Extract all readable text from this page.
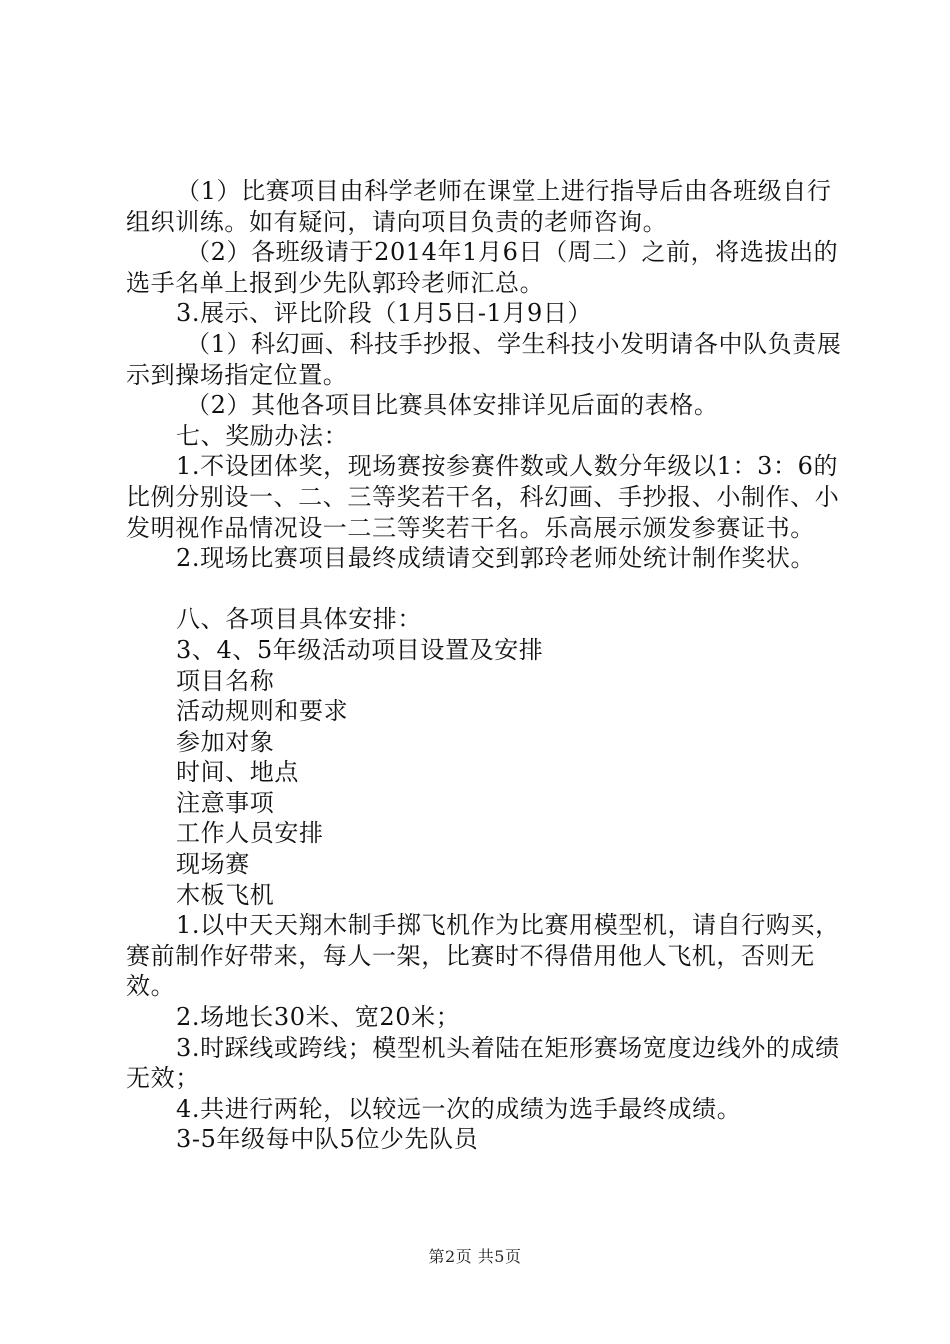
（1）比赛项目由科学老师在课堂上进行指导后由各班级自行组织训练。如有疑问，请向项目负责的老师咨询。

（2）各班级请于2014年1月6日（周二）之前，将选拔出的选手名单上报到少先队郭玲老师汇总。

3.展示、评比阶段（1月5日-1月9日）

（1）科幻画、科技手抄报、学生科技小发明请各中队负责展示到操场指定位置。

（2）其他各项目比赛具体安排详见后面的表格。

七、奖励办法：

1.不设团体奖，现场赛按参赛件数或人数分年级以1：3：6的比例分别设一、二、三等奖若干名，科幻画、手抄报、小制作、小发明视作品情况设一二三等奖若干名。乐高展示颁发参赛证书。

2.现场比赛项目最终成绩请交到郭玲老师处统计制作奖状。

八、各项目具体安排：

3、4、5年级活动项目设置及安排

项目名称

活动规则和要求

参加对象

时间、地点

注意事项

工作人员安排

现场赛

木板飞机

1.以中天天翔木制手掷飞机作为比赛用模型机，请自行购买，赛前制作好带来，每人一架，比赛时不得借用他人飞机，否则无效。

2.场地长30米、宽20米；

3.时踩线或跨线；模型机头着陆在矩形赛场宽度边线外的成绩无效；

4.共进行两轮，以较远一次的成绩为选手最终成绩。

3-5年级每中队5位少先队员

第2页 共5页
